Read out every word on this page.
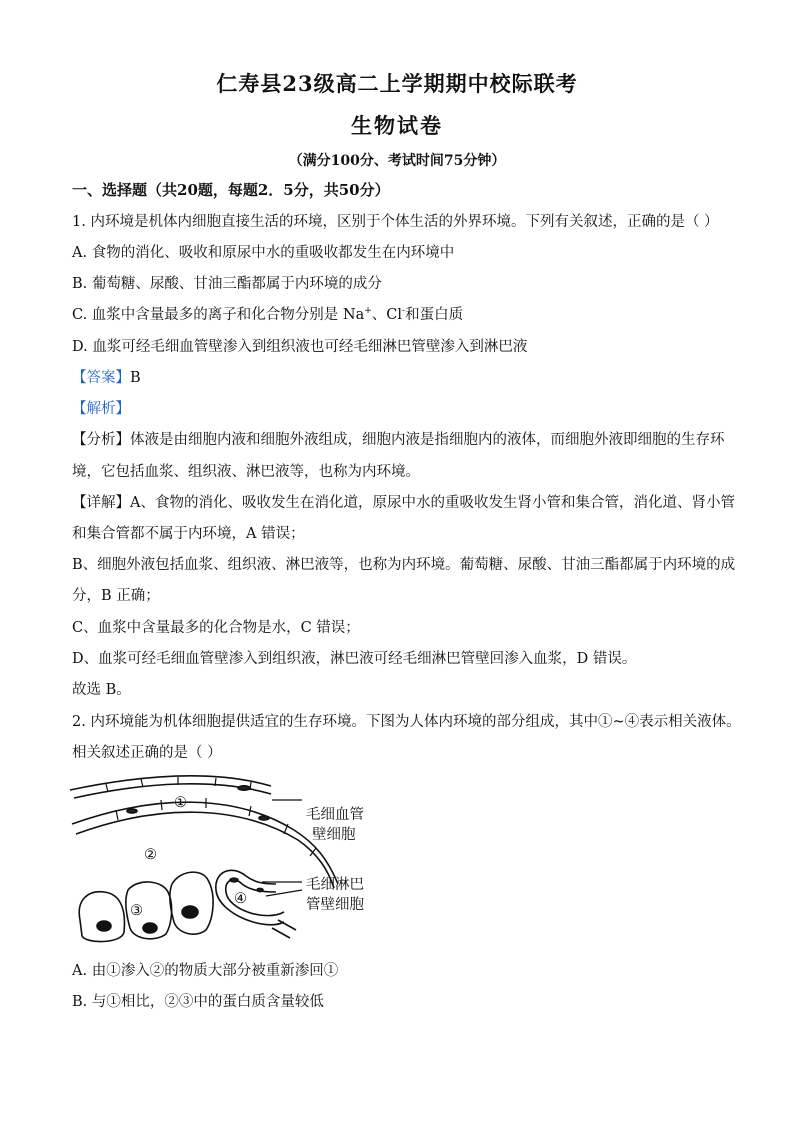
仁寿县23级高二上学期期中校际联考
生物试卷
（满分100分、考试时间75分钟）
一、选择题（共20题，每题2．5分，共50分）
1. 内环境是机体内细胞直接生活的环境，区别于个体生活的外界环境。下列有关叙述，正确的是（ ）
A. 食物的消化、吸收和原尿中水的重吸收都发生在内环境中
B. 葡萄糖、尿酸、甘油三酯都属于内环境的成分
C. 血浆中含量最多的离子和化合物分别是 Na+、Cl-和蛋白质
D. 血浆可经毛细血管壁渗入到组织液也可经毛细淋巴管壁渗入到淋巴液
【答案】B
【解析】
【分析】体液是由细胞内液和细胞外液组成，细胞内液是指细胞内的液体，而细胞外液即细胞的生存环
境，它包括血浆、组织液、淋巴液等，也称为内环境。
【详解】A、食物的消化、吸收发生在消化道，原尿中水的重吸收发生肾小管和集合管，消化道、肾小管
和集合管都不属于内环境，A 错误；
B、细胞外液包括血浆、组织液、淋巴液等，也称为内环境。葡萄糖、尿酸、甘油三酯都属于内环境的成
分，B 正确；
C、血浆中含量最多的化合物是水，C 错误；
D、血浆可经毛细血管壁渗入到组织液，淋巴液可经毛细淋巴管壁回渗入血浆，D 错误。
故选 B。
2. 内环境能为机体细胞提供适宜的生存环境。下图为人体内环境的部分组成，其中①~④表示相关液体。
相关叙述正确的是（ ）
①
②
③
④
毛细血管
壁细胞
毛细淋巴
管壁细胞
A. 由①渗入②的物质大部分被重新渗回①
B. 与①相比，②③中的蛋白质含量较低
